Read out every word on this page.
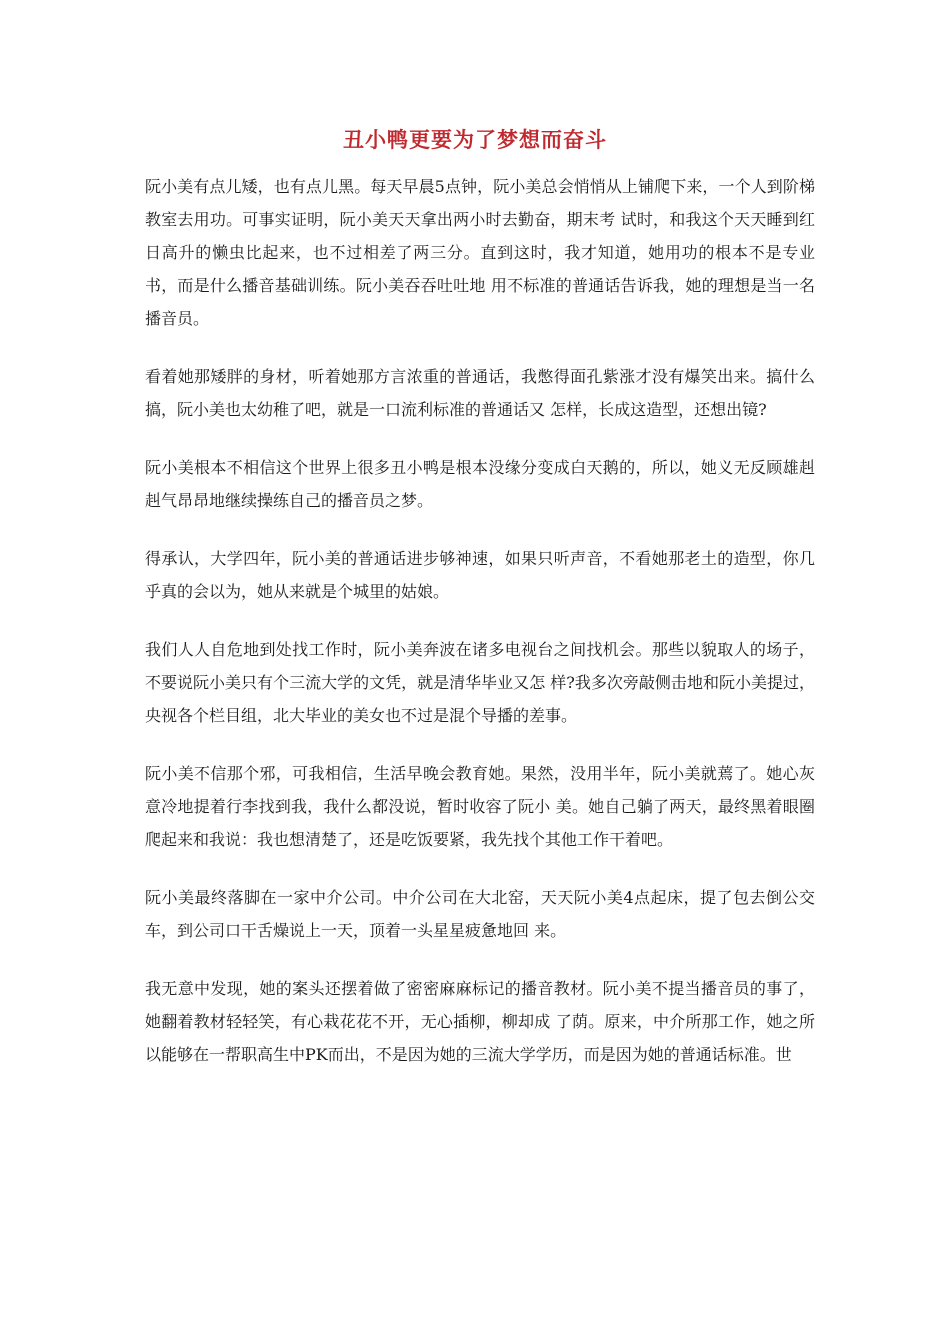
丑小鸭更要为了梦想而奋斗

阮小美有点儿矮，也有点儿黑。每天早晨5点钟，阮小美总会悄悄从上铺爬下来，一个人到阶梯教室去用功。可事实证明，阮小美天天拿出两小时去勤奋，期末考 试时，和我这个天天睡到红日高升的懒虫比起来，也不过相差了两三分。直到这时，我才知道，她用功的根本不是专业书，而是什么播音基础训练。阮小美吞吞吐吐地 用不标准的普通话告诉我，她的理想是当一名播音员。

看着她那矮胖的身材，听着她那方言浓重的普通话，我憋得面孔紫涨才没有爆笑出来。搞什么搞，阮小美也太幼稚了吧，就是一口流利标准的普通话又 怎样，长成这造型，还想出镜?

阮小美根本不相信这个世界上很多丑小鸭是根本没缘分变成白天鹅的，所以，她义无反顾雄赳赳气昂昂地继续操练自己的播音员之梦。

得承认，大学四年，阮小美的普通话进步够神速，如果只听声音，不看她那老土的造型，你几乎真的会以为，她从来就是个城里的姑娘。

我们人人自危地到处找工作时，阮小美奔波在诸多电视台之间找机会。那些以貌取人的场子，不要说阮小美只有个三流大学的文凭，就是清华毕业又怎 样?我多次旁敲侧击地和阮小美提过，央视各个栏目组，北大毕业的美女也不过是混个导播的差事。

阮小美不信那个邪，可我相信，生活早晚会教育她。果然，没用半年，阮小美就蔫了。她心灰意冷地提着行李找到我，我什么都没说，暂时收容了阮小 美。她自己躺了两天，最终黑着眼圈爬起来和我说：我也想清楚了，还是吃饭要紧，我先找个其他工作干着吧。

阮小美最终落脚在一家中介公司。中介公司在大北窑，天天阮小美4点起床，提了包去倒公交车，到公司口干舌燥说上一天，顶着一头星星疲惫地回 来。

我无意中发现，她的案头还摆着做了密密麻麻标记的播音教材。阮小美不提当播音员的事了，她翻着教材轻轻笑，有心栽花花不开，无心插柳，柳却成 了荫。原来，中介所那工作，她之所以能够在一帮职高生中PK而出，不是因为她的三流大学学历，而是因为她的普通话标准。世
